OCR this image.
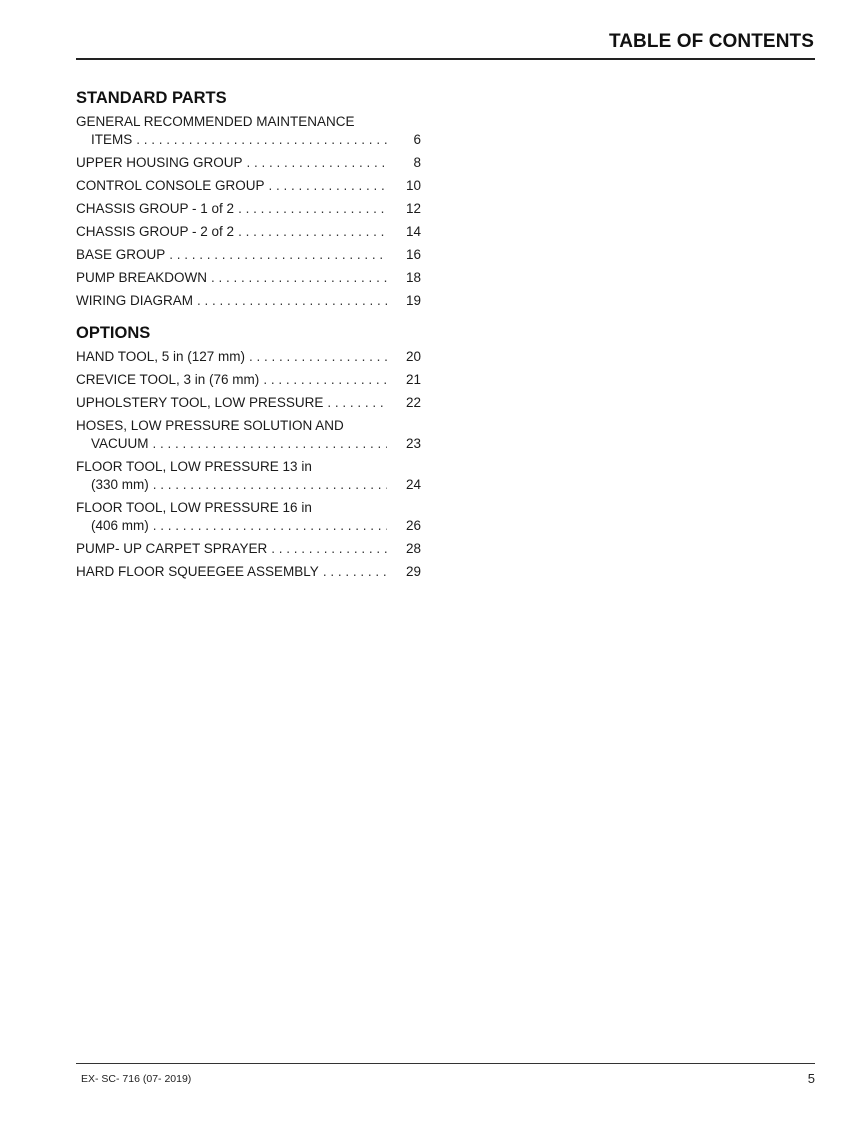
TABLE OF CONTENTS
STANDARD PARTS
GENERAL RECOMMENDED MAINTENANCE
ITEMS . . .	6
UPPER HOUSING GROUP . . .	8
CONTROL CONSOLE GROUP . . .	10
CHASSIS GROUP - 1 of 2 . . .	12
CHASSIS GROUP - 2 of 2 . . .	14
BASE GROUP . . .	16
PUMP BREAKDOWN . . .	18
WIRING DIAGRAM . . .	19
OPTIONS
HAND TOOL, 5 in (127 mm) . . .	20
CREVICE TOOL, 3 in (76 mm) . . .	21
UPHOLSTERY TOOL, LOW PRESSURE . . .	22
HOSES, LOW PRESSURE SOLUTION AND
VACUUM . . .	23
FLOOR TOOL, LOW PRESSURE 13 in
(330 mm) . . .	24
FLOOR TOOL, LOW PRESSURE 16 in
(406 mm) . . .	26
PUMP- UP CARPET SPRAYER . . .	28
HARD FLOOR SQUEEGEE ASSEMBLY . . .	29
EX- SC- 716 (07- 2019)	5
